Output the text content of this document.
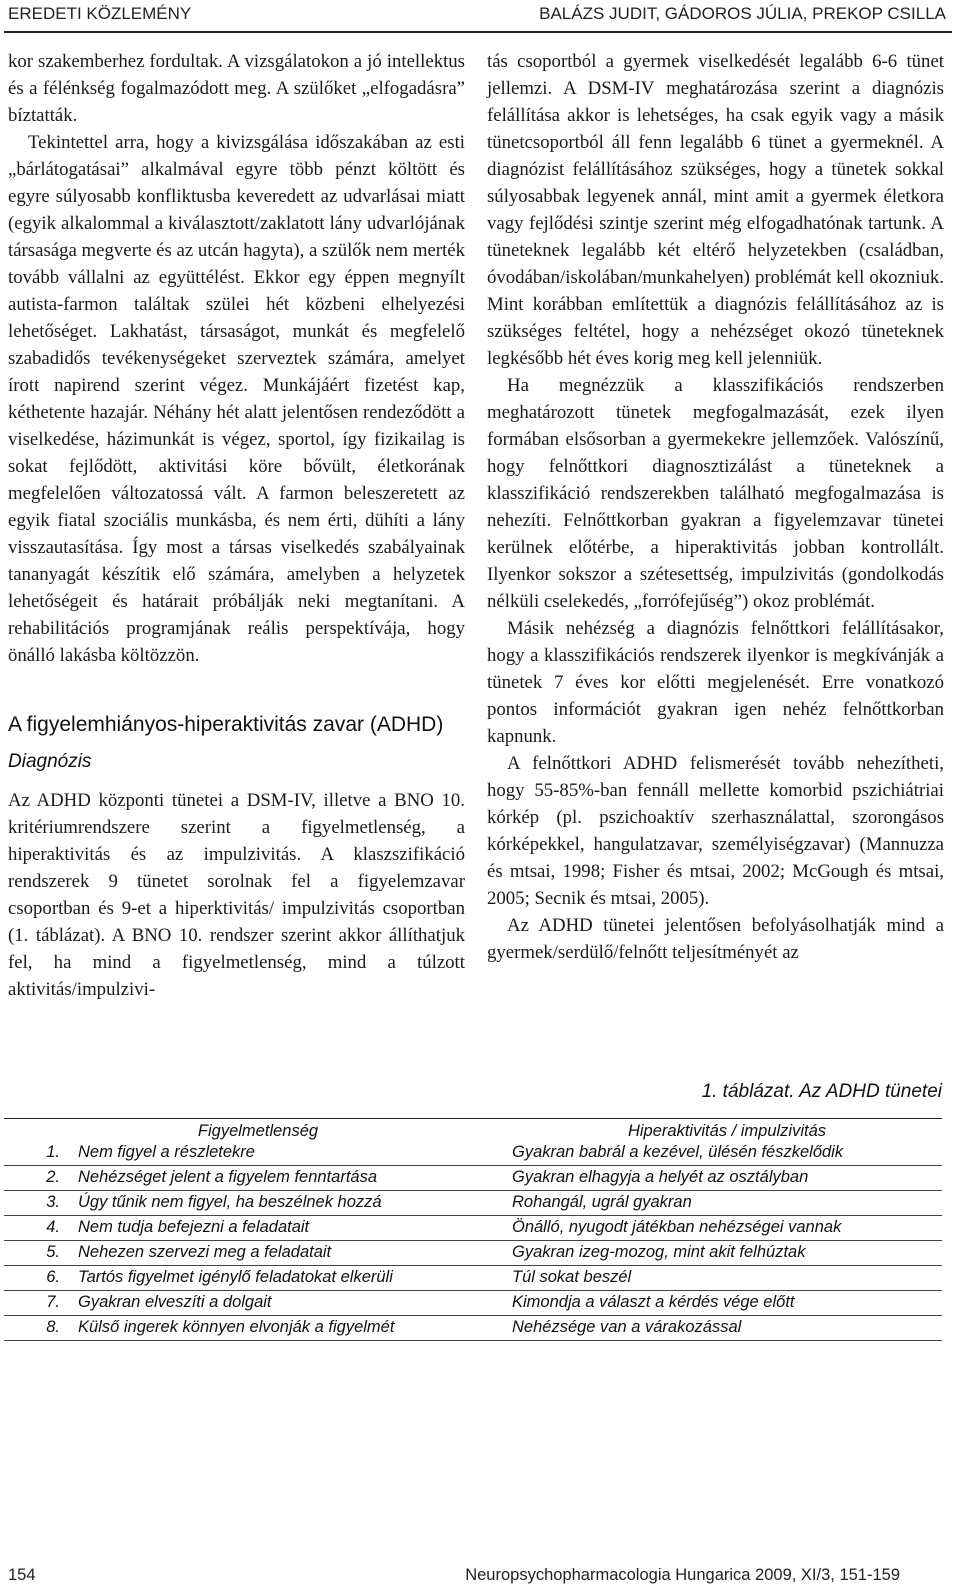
EREDETI KÖZLEMÉNY	BALÁZS JUDIT, GÁDOROS JÚLIA, PREKOP CSILLA

kor szakemberhez fordultak. A vizsgálatokon a jó intellektus és a félénkség fogalmazódott meg. A szülőket „elfogadásra” bíztatták.

Tekintettel arra, hogy a kivizsgálása időszakában az esti „bárlátogatásai” alkalmával egyre több pénzt költött és egyre súlyosabb konfliktusba keveredett az udvarlásai miatt (egyik alkalommal a kiválasztott/zaklatott lány udvarlójának társasága megverte és az utcán hagyta), a szülők nem merték tovább vállalni az együttélést. Ekkor egy éppen megnyílt autista-farmon találtak szülei hét közbeni elhelyezési lehetőséget. Lakhatást, társaságot, munkát és megfelelő szabadidős tevékenységeket szerveztek számára, amelyet írott napirend szerint végez. Munkájáért fizetést kap, kéthetente hazajár. Néhány hét alatt jelentősen rendeződött a viselkedése, házimunkát is végez, sportol, így fizikailag is sokat fejlődött, aktivitási köre bővült, életkorának megfelelően változatossá vált. A farmon beleszeretett az egyik fiatal szociális munkásba, és nem érti, dühíti a lány visszautasítása. Így most a társas viselkedés szabályainak tananyagát készítik elő számára, amelyben a helyzetek lehetőségeit és határait próbálják neki megtanítani. A rehabilitációs programjának reális perspektívája, hogy önálló lakásba költözzön.

A figyelemhiányos-hiperaktivitás zavar (ADHD)
Diagnózis

Az ADHD központi tünetei a DSM-IV, illetve a BNO 10. kritériumrendszere szerint a figyelmetlenség, a hiperaktivitás és az impulzivitás. A klaszszifikáció rendszerek 9 tünetet sorolnak fel a figyelemzavar csoportban és 9-et a hiperktivitás/ impulzivitás csoportban (1. táblázat). A BNO 10. rendszer szerint akkor állíthatjuk fel, ha mind a figyelmetlenség, mind a túlzott aktivitás/impulzivi-

tás csoportból a gyermek viselkedését legalább 6-6 tünet jellemzi. A DSM-IV meghatározása szerint a diagnózis felállítása akkor is lehetséges, ha csak egyik vagy a másik tünetcsoportból áll fenn legalább 6 tünet a gyermeknél. A diagnózist felállításához szükséges, hogy a tünetek sokkal súlyosabbak legyenek annál, mint amit a gyermek életkora vagy fejlődési szintje szerint még elfogadhatónak tartunk. A tüneteknek legalább két eltérő helyzetekben (családban, óvodában/iskolában/munkahelyen) problémát kell okozniuk. Mint korábban említettük a diagnózis felállításához az is szükséges feltétel, hogy a nehézséget okozó tüneteknek legkésőbb hét éves korig meg kell jelenniük.

Ha megnézzük a klasszifikációs rendszerben meghatározott tünetek megfogalmazását, ezek ilyen formában elsősorban a gyermekekre jellemzőek. Valószínű, hogy felnőttkori diagnosztizálást a tüneteknek a klasszifikáció rendszerekben található megfogalmazása is nehezíti. Felnőttkorban gyakran a figyelemzavar tünetei kerülnek előtérbe, a hiperaktivitás jobban kontrollált. Ilyenkor sokszor a szétesettség, impulzivitás (gondolkodás nélküli cselekedés, „forrófejűség”) okoz problémát.

Másik nehézség a diagnózis felnőttkori felállításakor, hogy a klasszifikációs rendszerek ilyenkor is megkívánják a tünetek 7 éves kor előtti megjelenését. Erre vonatkozó pontos információt gyakran igen nehéz felnőttkorban kapnunk.

A felnőttkori ADHD felismerését tovább nehezítheti, hogy 55-85%-ban fennáll mellette komorbid pszichiátriai kórkép (pl. pszichoaktív szerhasználattal, szorongásos kórképekkel, hangulatzavar, személyiségzavar) (Mannuzza és mtsai, 1998; Fisher és mtsai, 2002; McGough és mtsai, 2005; Secnik és mtsai, 2005).

Az ADHD tünetei jelentősen befolyásolhatják mind a gyermek/serdülő/felnőtt teljesítményét az

1. táblázat. Az ADHD tünetei
Figyelmetlenség		Hiperaktivitás / impulzivitás
1.	Nem figyel a részletekre	Gyakran babrál a kezével, ülésén fészkelődik
2.	Nehézséget jelent a figyelem fenntartása	Gyakran elhagyja a helyét az osztályban
3.	Úgy tűnik nem figyel, ha beszélnek hozzá	Rohangál, ugrál gyakran
4.	Nem tudja befejezni a feladatait	Önálló, nyugodt játékban nehézségei vannak
5.	Nehezen szervezi meg a feladatait	Gyakran izeg-mozog, mint akit felhúztak
6.	Tartós figyelmet igénylő feladatokat elkerüli	Túl sokat beszél
7.	Gyakran elveszíti a dolgait	Kimondja a választ a kérdés vége előtt
8.	Külső ingerek könnyen elvonják a figyelmét	Nehézsége van a várakozással
154	Neuropsychopharmacologia Hungarica 2009, XI/3, 151-159
